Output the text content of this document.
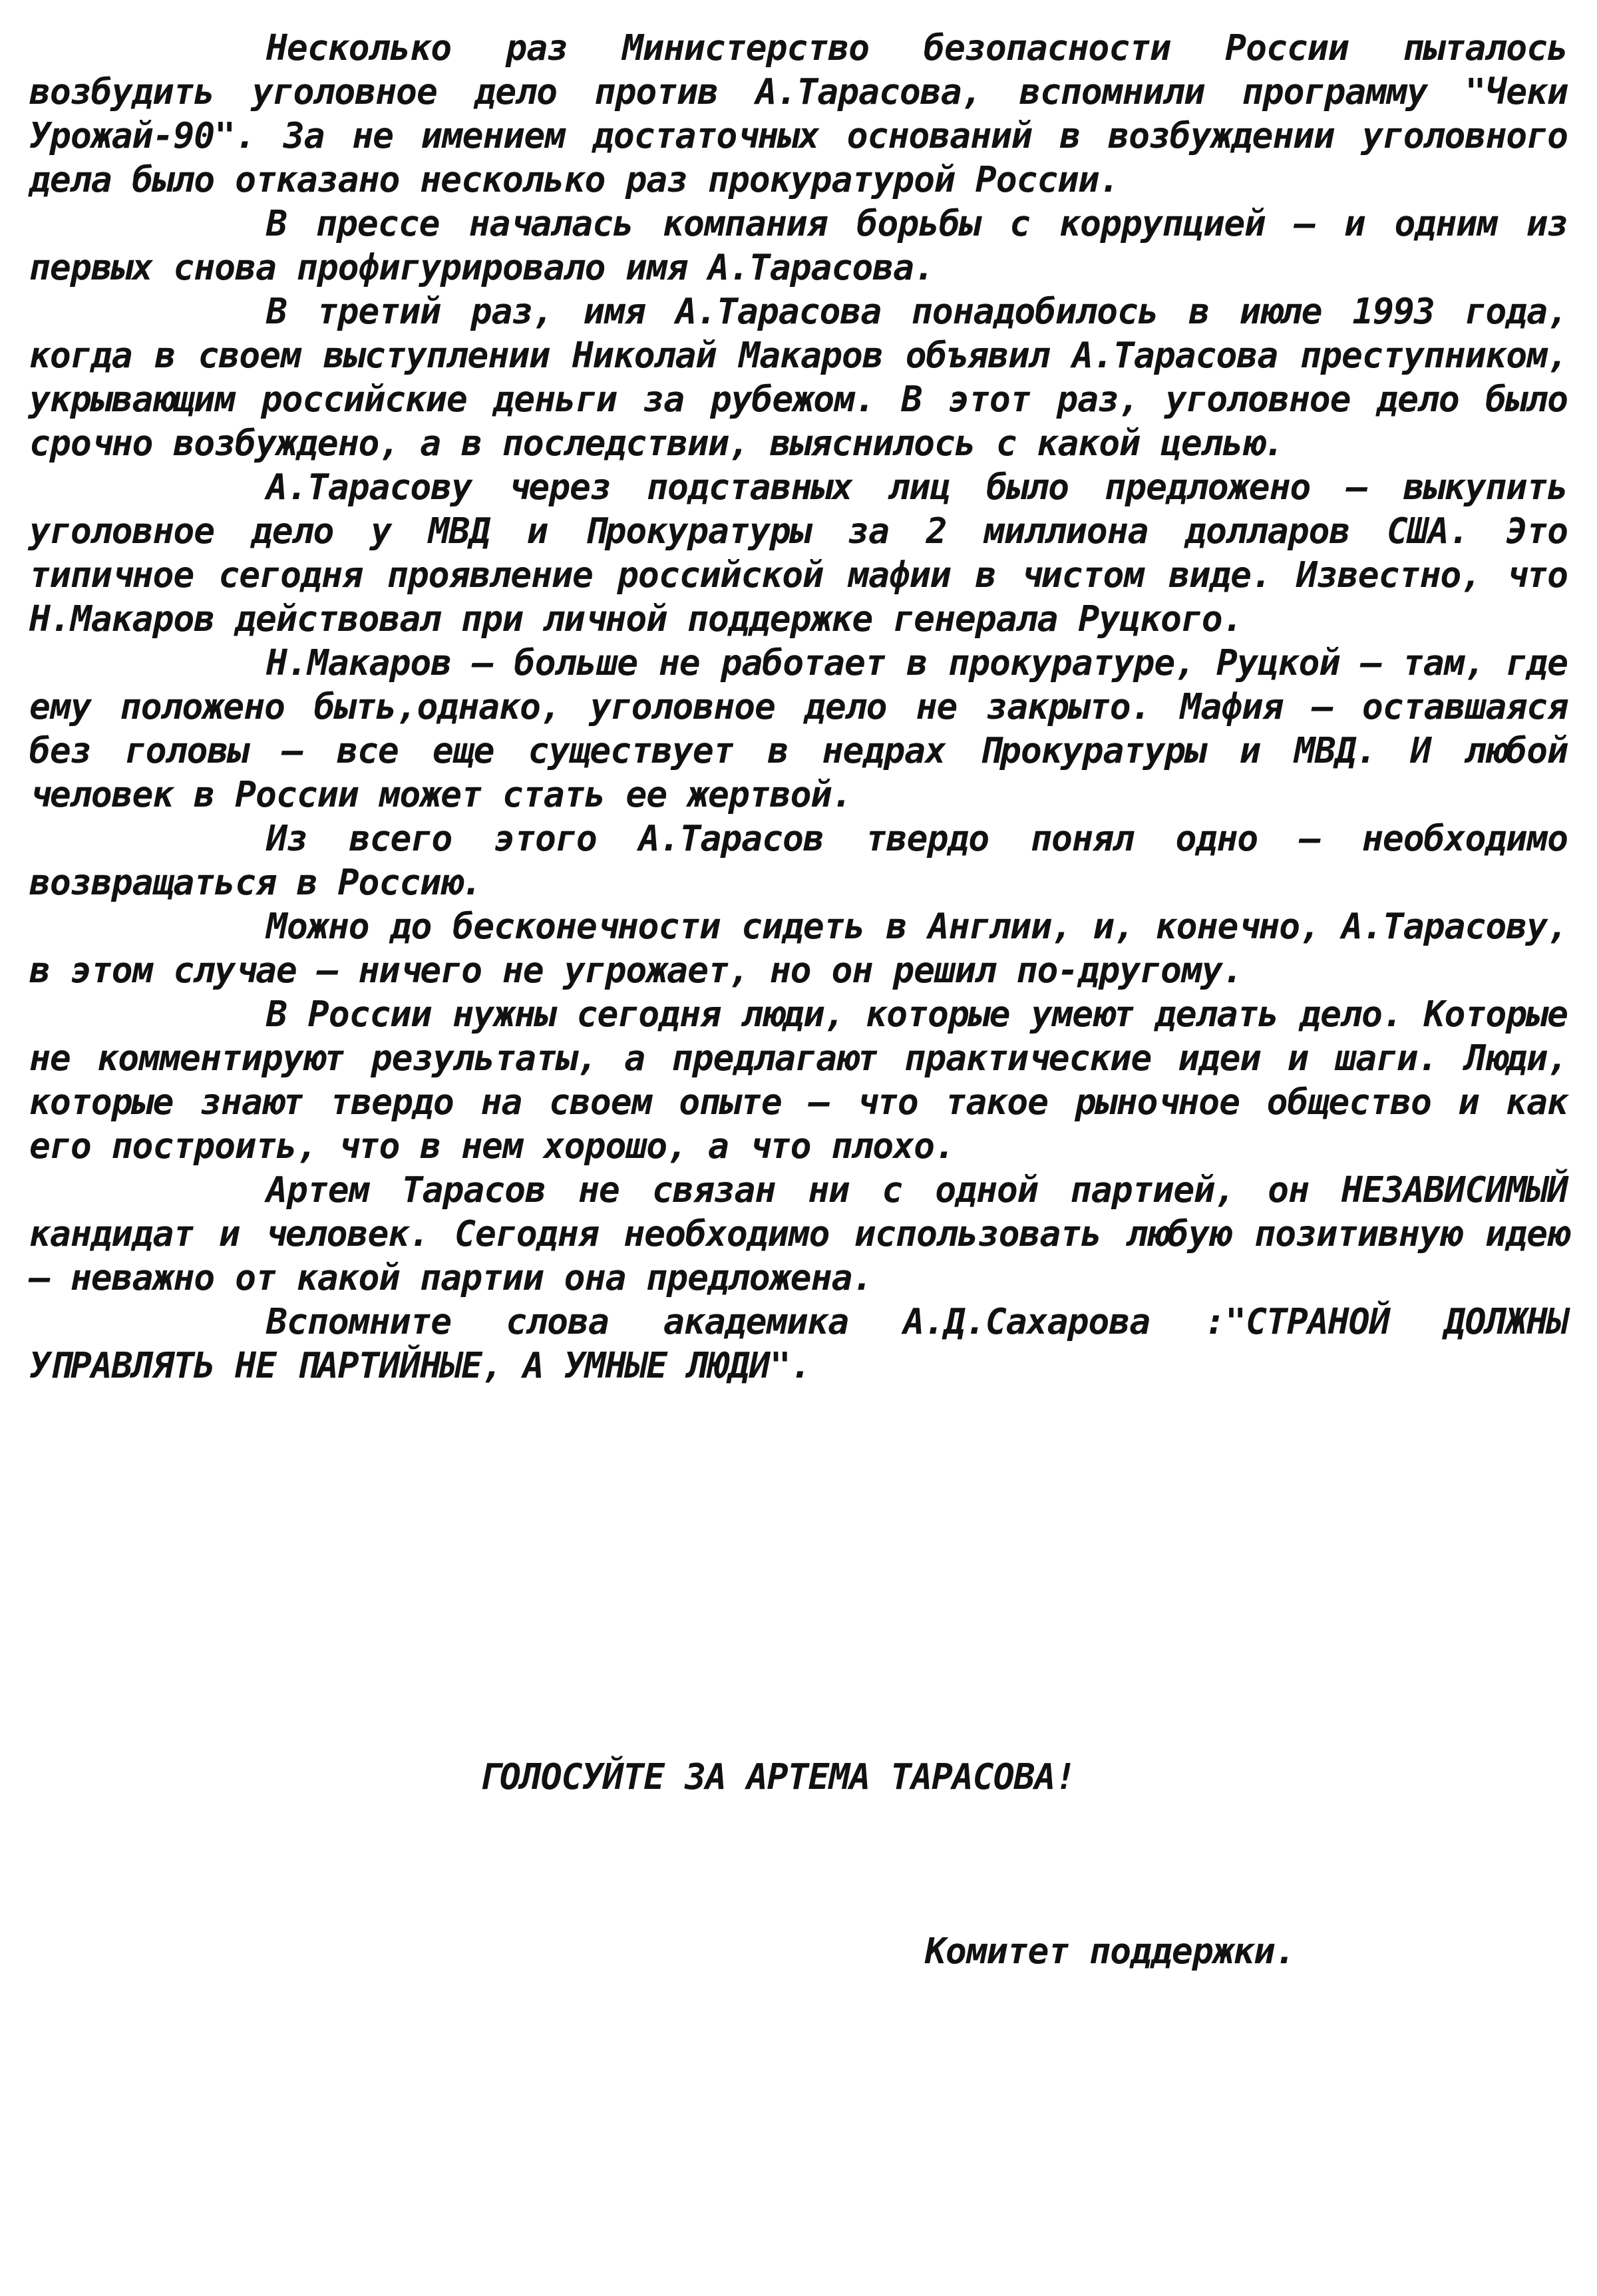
Несколько раз Министерство безопасности России пыталось возбудить уголовное дело против А.Тарасова, вспомнили программу "Чеки Урожай-90". За не имением достаточных оснований в возбуждении уголовного дела было отказано несколько раз прокуратурой России.

В прессе началась компания борьбы с коррупцией – и одним из первых снова профигурировало имя А.Тарасова.

В третий раз, имя А.Тарасова понадобилось в июле 1993 года, когда в своем выступлении Николай Макаров объявил А.Тарасова преступником, укрывающим российские деньги за рубежом. В этот раз, уголовное дело было срочно возбуждено, а в последствии, выяснилось с какой целью.

А.Тарасову через подставных лиц было предложено – выкупить уголовное дело у МВД и Прокуратуры за 2 миллиона долларов США. Это типичное сегодня проявление российской мафии в чистом виде. Известно, что Н.Макаров действовал при личной поддержке генерала Руцкого.

Н.Макаров – больше не работает в прокуратуре, Руцкой – там, где ему положено быть,однако, уголовное дело не закрыто. Мафия – оставшаяся без головы – все еще существует в недрах Прокуратуры и МВД. И любой человек в России может стать ее жертвой.

Из всего этого А.Тарасов твердо понял одно – необходимо возвращаться в Россию.

Можно до бесконечности сидеть в Англии, и, конечно, А.Тарасову, в этом случае – ничего не угрожает, но он решил по-другому.

В России нужны сегодня люди, которые умеют делать дело. Которые не комментируют результаты, а предлагают практические идеи и шаги. Люди, которые знают твердо на своем опыте – что такое рыночное общество и как его построить, что в нем хорошо, а что плохо.

Артем Тарасов не связан ни с одной партией, он НЕЗАВИСИМЫЙ кандидат и человек. Сегодня необходимо использовать любую позитивную идею – неважно от какой партии она предложена.

Вспомните слова академика А.Д.Сахарова :"СТРАНОЙ ДОЛЖНЫ УПРАВЛЯТЬ НЕ ПАРТИЙНЫЕ, А УМНЫЕ ЛЮДИ".

ГОЛОСУЙТЕ ЗА АРТЕМА ТАРАСОВА!
Комитет поддержки.
